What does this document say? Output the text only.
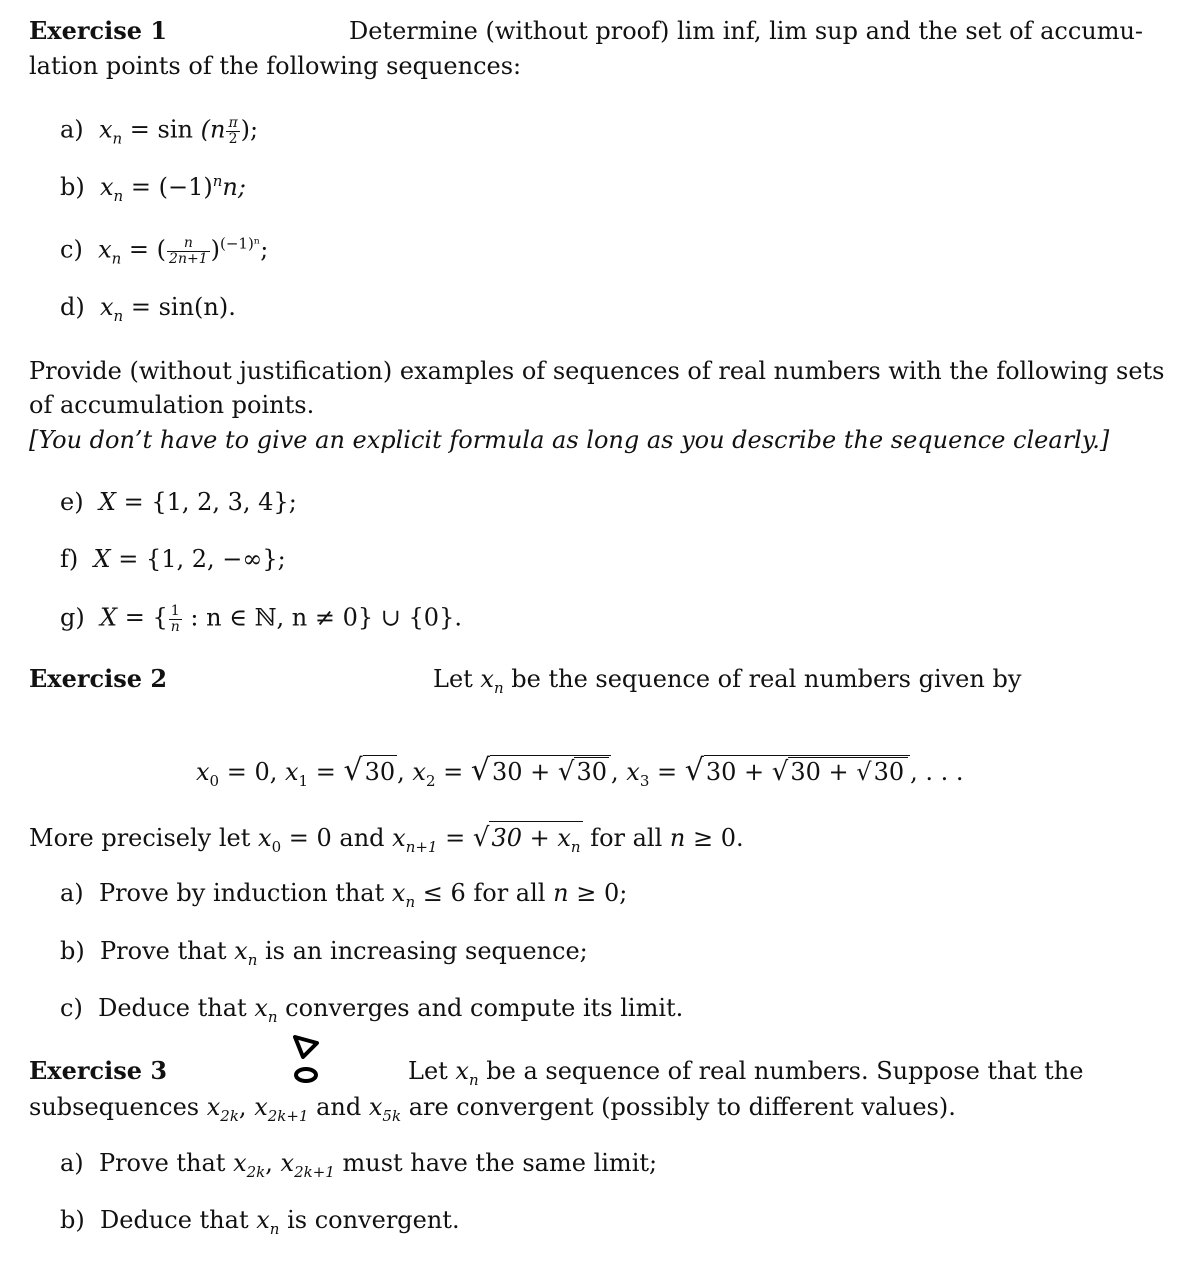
Exercise 1	Determine (without proof) lim inf, lim sup and the set of accumu-
lation points of the following sequences:
a) $x_n = \sin (n \frac{\pi}{2}$ );
b) $x_n = (-1)^nn$;
c) $x_n$ = ( $\frac{n}{2n+1} )^{(-1)^n}$;
d) $x_n = \sin(n)$.
Provide (without justification) examples of sequences of real numbers with the following sets
of accumulation points.
[You don’t have to give an explicit formula as long as you describe the sequence clearly.]
e) X = {1, 2, 3, 4};
f) X = {1, 2, −∞};
g) X = { $\frac{1}{n}$ : n ∈ ℕ, n ≠ 0} ∪ {0}.
Exercise 2	Let $x_n$ be the sequence of real numbers given by
$x_0 = 0$, $x_1 = √30$, $x_2 = √30 + √30$ , $x_3 = √30 + √30 + √30$ , . . .
More precisely let $x_0 = 0$ and $x_{n+1} = √30 + x_n$ for all n ≥ 0.
a) Prove by induction that $x_n \le 6$ for all n ≥ 0;
b) Prove that $x_n$ is an increasing sequence;
c) Deduce that $x_n$ converges and compute its limit.
Exercise 3	Let $x_n$ be a sequence of real numbers. Suppose that the
subsequences $x_{2k}$, $x_{2k+1}$ and $x_{5k}$ are convergent (possibly to different values).
a) Prove that $x_{2k}$, $x_{2k+1}$ must have the same limit;
b) Deduce that $x_n$ is convergent.
